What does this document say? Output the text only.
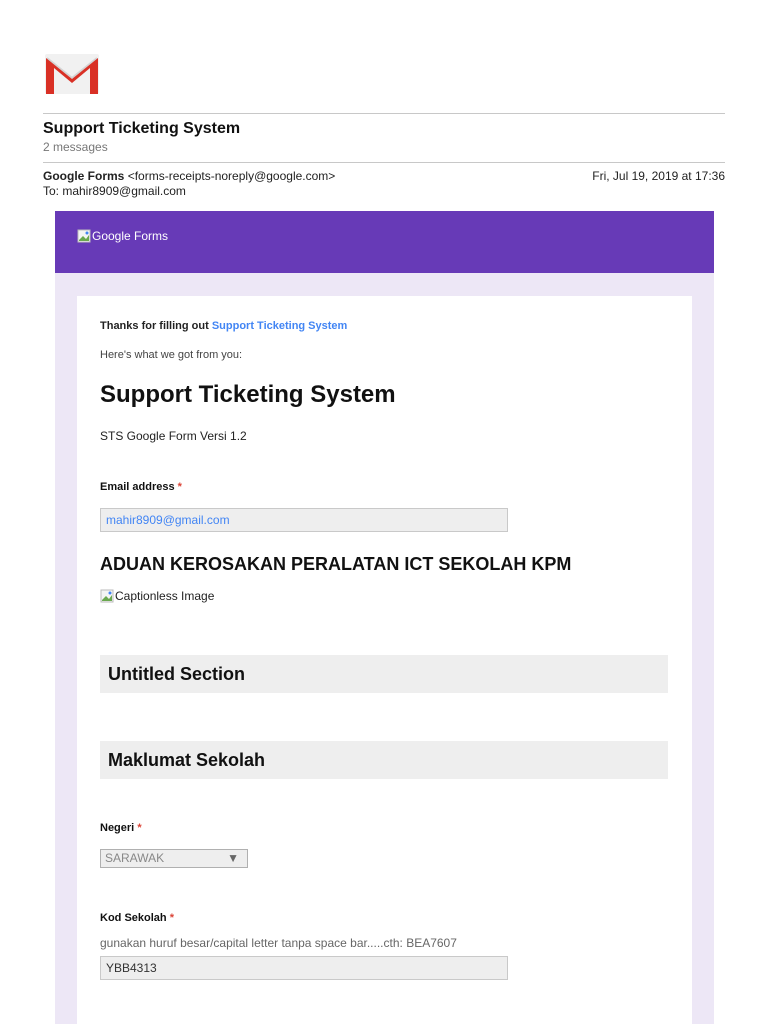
Support Ticketing System
2 messages
Google Forms <forms-receipts-noreply@google.com>
To: mahir8909@gmail.com
Fri, Jul 19, 2019 at 17:36
Google Forms
Thanks for filling out Support Ticketing System
Here's what we got from you:
Support Ticketing System
STS Google Form Versi 1.2
Email address *
mahir8909@gmail.com
ADUAN KEROSAKAN PERALATAN ICT SEKOLAH KPM
Captionless Image
Untitled Section
Maklumat Sekolah
Negeri *
SARAWAK	▼
Kod Sekolah *
gunakan huruf besar/capital letter tanpa space bar.....cth: BEA7607
YBB4313
